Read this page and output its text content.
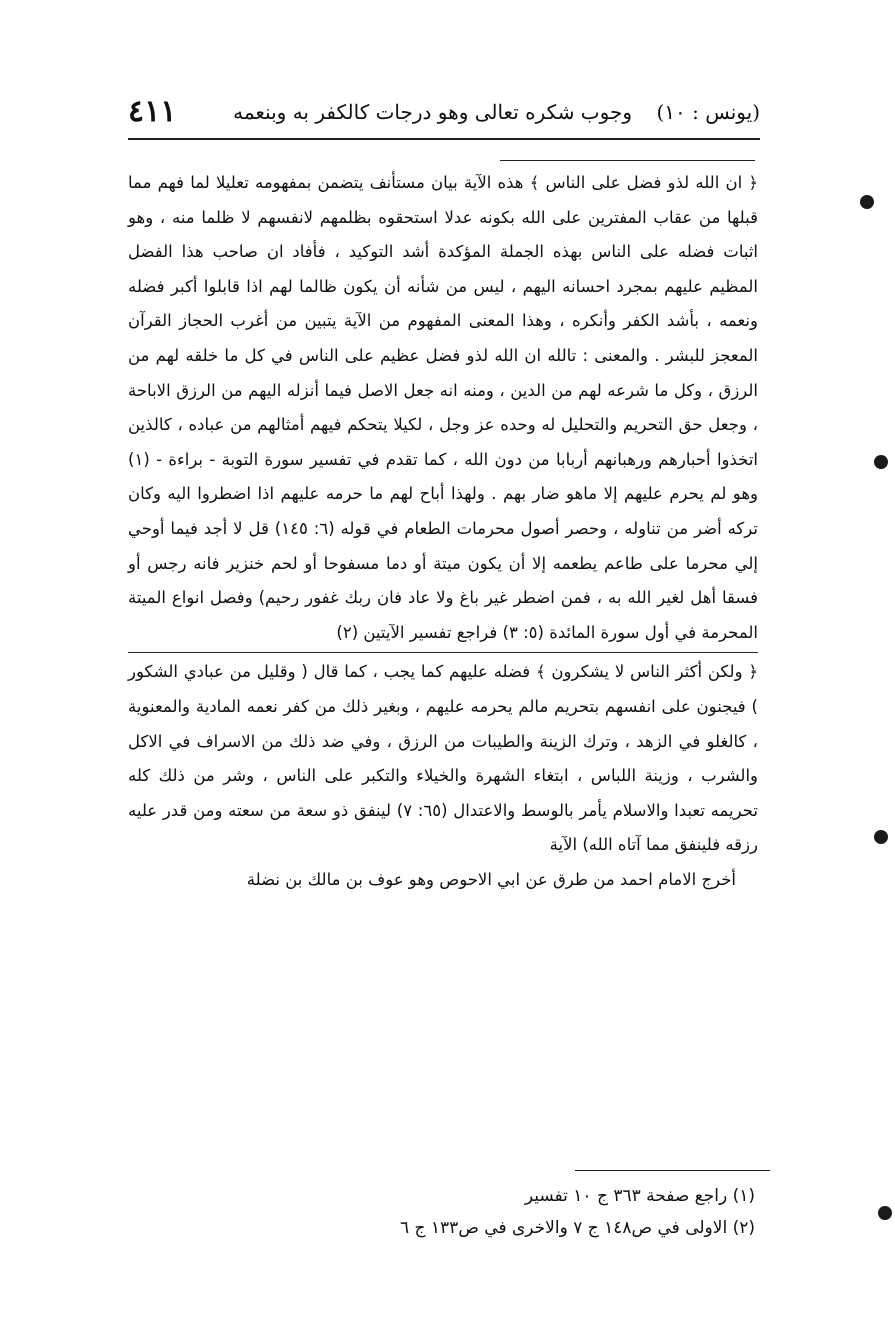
(يونس : ١٠)
وجوب شكره تعالى وهو درجات كالكفر به وبنعمه
٤١١

﴿ ان الله لذو فضل على الناس ﴾ هذه الآية بيان مستأنف يتضمن بمفهومه تعليلا لما فهم مما قبلها من عقاب المفترين على الله بكونه عدلا استحقوه بظلمهم لانفسهم لا ظلما منه ، وهو اثبات فضله على الناس بهذه الجملة المؤكدة أشد التوكيد ، فأفاد ان صاحب هذا الفضل المظيم عليهم بمجرد احسانه اليهم ، ليس من شأنه أن يكون ظالما لهم اذا قابلوا أكبر فضله ونعمه ، بأشد الكفر وأنكره ، وهذا المعنى المفهوم من الآية يتبين من أغرب الحجاز القرآن المعجز للبشر . والمعنى : تالله ان الله لذو فضل عظيم على الناس في كل ما خلقه لهم من الرزق ، وكل ما شرعه لهم من الدين ، ومنه انه جعل الاصل فيما أنزله اليهم من الرزق الاباحة ، وجعل حق التحريم والتحليل له وحده عز وجل ، لكيلا يتحكم فيهم أمثالهم من عباده ، كالذين اتخذوا أحبارهم ورهبانهم أربابا من دون الله ، كما تقدم في تفسير سورة التوبة - براءة - (١) وهو لم يحرم عليهم إلا ماهو ضار بهم . ولهذا أباح لهم ما حرمه عليهم اذا اضطروا اليه وكان تركه أضر من تناوله ، وحصر أصول محرمات الطعام في قوله (٦: ١٤٥) قل لا أجد فيما أوحي إلي محرما على طاعم يطعمه إلا أن يكون ميتة أو دما مسفوحا أو لحم خنزير فانه رجس أو فسقا أهل لغير الله به ، فمن اضطر غير باغ ولا عاد فان ربك غفور رحيم) وفصل انواع الميتة المحرمة في أول سورة المائدة (٥: ٣) فراجع تفسير الآيتين (٢)

﴿ ولكن أكثر الناس لا يشكرون ﴾ فضله عليهم كما يجب ، كما قال ( وقليل من عبادي الشكور ) فيجنون على انفسهم بتحريم مالم يحرمه عليهم ، وبغير ذلك من كفر نعمه المادية والمعنوية ، كالغلو في الزهد ، وترك الزينة والطيبات من الرزق ، وفي ضد ذلك من الاسراف في الاكل والشرب ، وزينة اللباس ، ابتغاء الشهرة والخيلاء والتكبر على الناس ، وشر من ذلك كله تحريمه تعبدا والاسلام يأمر بالوسط والاعتدال (٦٥: ٧) لينفق ذو سعة من سعته ومن قدر عليه رزقه فلينفق مما آتاه الله) الآية

أخرج الامام احمد من طرق عن ابي الاحوص وهو عوف بن مالك بن نضلة

(١) راجع صفحة ٣٦٣ ج ١٠ تفسير
(٢) الاولى في ص١٤٨ ج ٧ والاخرى في ص١٣٣ ج ٦
